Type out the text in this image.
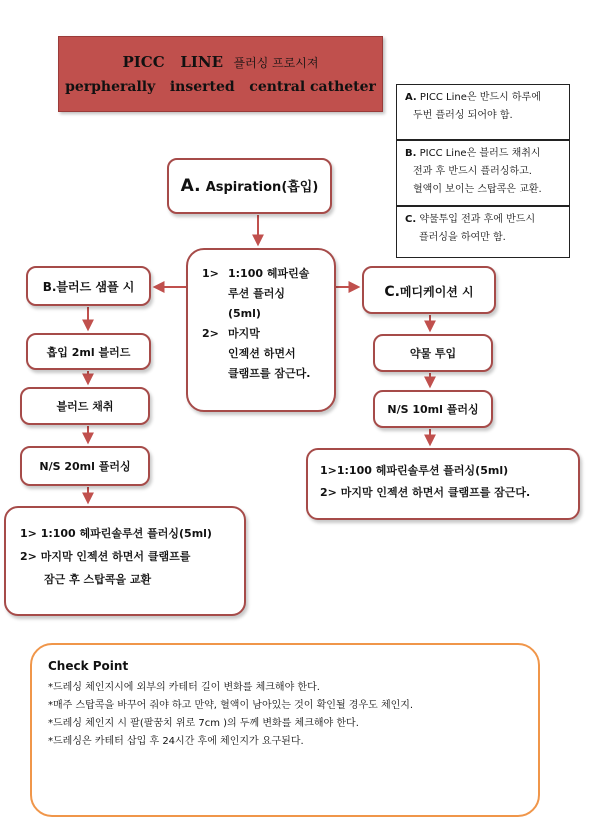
PICC   LINE 플러싱 프로시져
perpherally   inserted   central catheter
A. PICC Line은 반드시 하루에
두번 플러싱 되어야 함.
B. PICC Line은 블러드 채취시
전과 후 반드시 플러싱하고.
혈액이 보이는 스탑콕은 교환.
C. 약물투입 전과 후에 반드시
플러싱을 하여만 함.
A. Aspiration(흡입)
1> 1:100 헤파린솔
루션 플러싱
(5ml)
2> 마지막
인젝션 하면서
클램프를 잠근다.
B.블러드 샘플 시
흡입 2ml 블러드
블러드 채취
N/S 20ml 플러싱
1> 1:100 헤파린솔루션 플러싱(5ml)
2> 마지막 인젝션 하면서 클램프를
잠근 후 스탑콕을 교환
C.메디케이션 시
약물 투입
N/S 10ml 플러싱
1>1:100 헤파린솔루션 플러싱(5ml)
2> 마지막 인젝션 하면서 클램프를 잠근다.
Check Point
*드레싱 체인지시에 외부의 카테터 길이 변화를 체크해야 한다.
*매주 스탑콕을 바꾸어 줘야 하고 만약, 혈액이 남아있는 것이 확인될 경우도 체인지.
*드레싱 체인지 시 팔(팔꿈치 위로 7cm )의 두께 변화를 체크해야 한다.
*드레싱은 카테터 삽입 후 24시간 후에 체인지가 요구된다.
